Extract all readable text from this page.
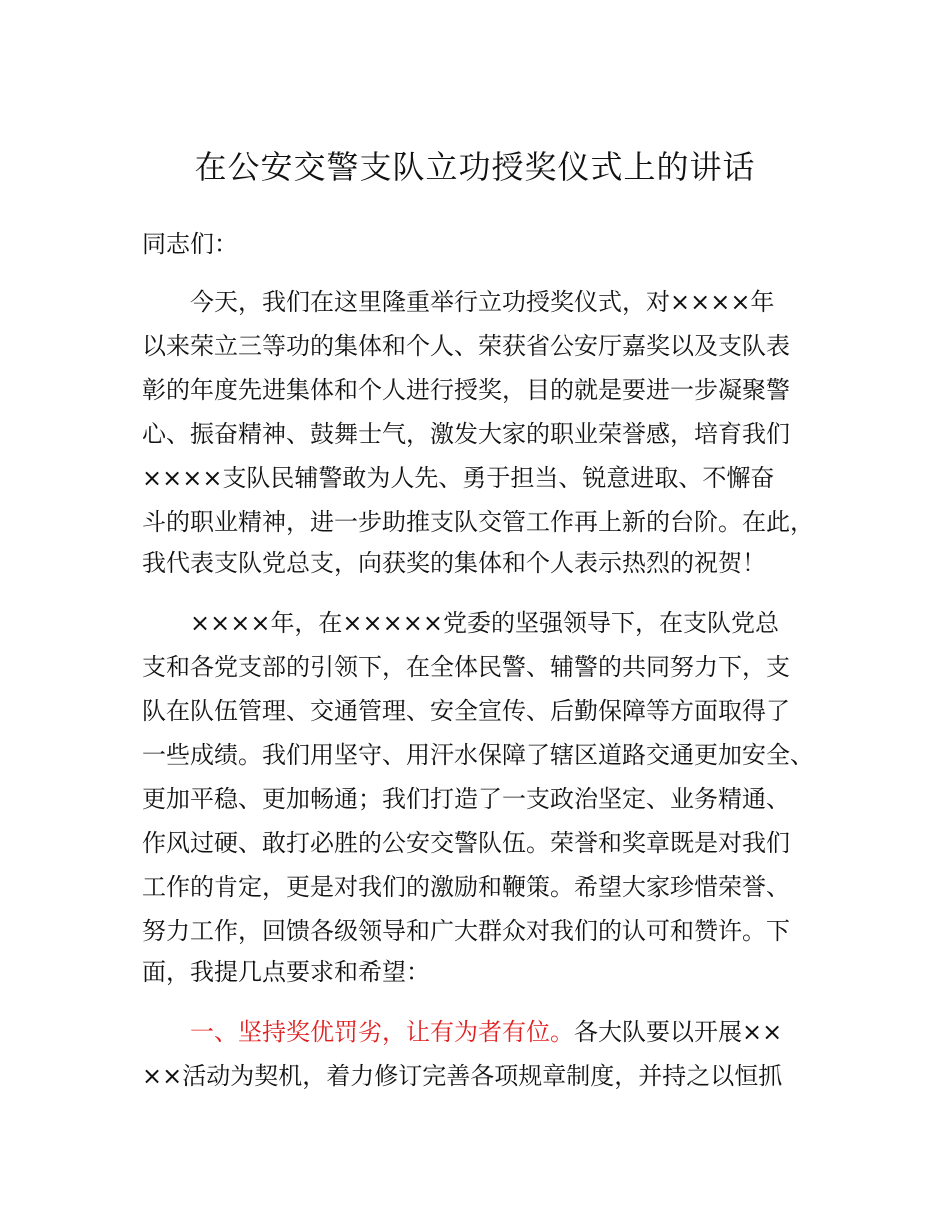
在公安交警支队立功授奖仪式上的讲话
同志们：
今天，我们在这里隆重举行立功授奖仪式，对××××年
以来荣立三等功的集体和个人、荣获省公安厅嘉奖以及支队表
彰的年度先进集体和个人进行授奖，目的就是要进一步凝聚警
心、振奋精神、鼓舞士气，激发大家的职业荣誉感，培育我们
××××支队民辅警敢为人先、勇于担当、锐意进取、不懈奋
斗的职业精神，进一步助推支队交管工作再上新的台阶。在此，
我代表支队党总支，向获奖的集体和个人表示热烈的祝贺！
××××年，在×××××党委的坚强领导下，在支队党总
支和各党支部的引领下，在全体民警、辅警的共同努力下，支
队在队伍管理、交通管理、安全宣传、后勤保障等方面取得了
一些成绩。我们用坚守、用汗水保障了辖区道路交通更加安全、
更加平稳、更加畅通；我们打造了一支政治坚定、业务精通、
作风过硬、敢打必胜的公安交警队伍。荣誉和奖章既是对我们
工作的肯定，更是对我们的激励和鞭策。希望大家珍惜荣誉、
努力工作，回馈各级领导和广大群众对我们的认可和赞许。下
面，我提几点要求和希望：
一、坚持奖优罚劣，让有为者有位。各大队要以开展××
××活动为契机，着力修订完善各项规章制度，并持之以恒抓
